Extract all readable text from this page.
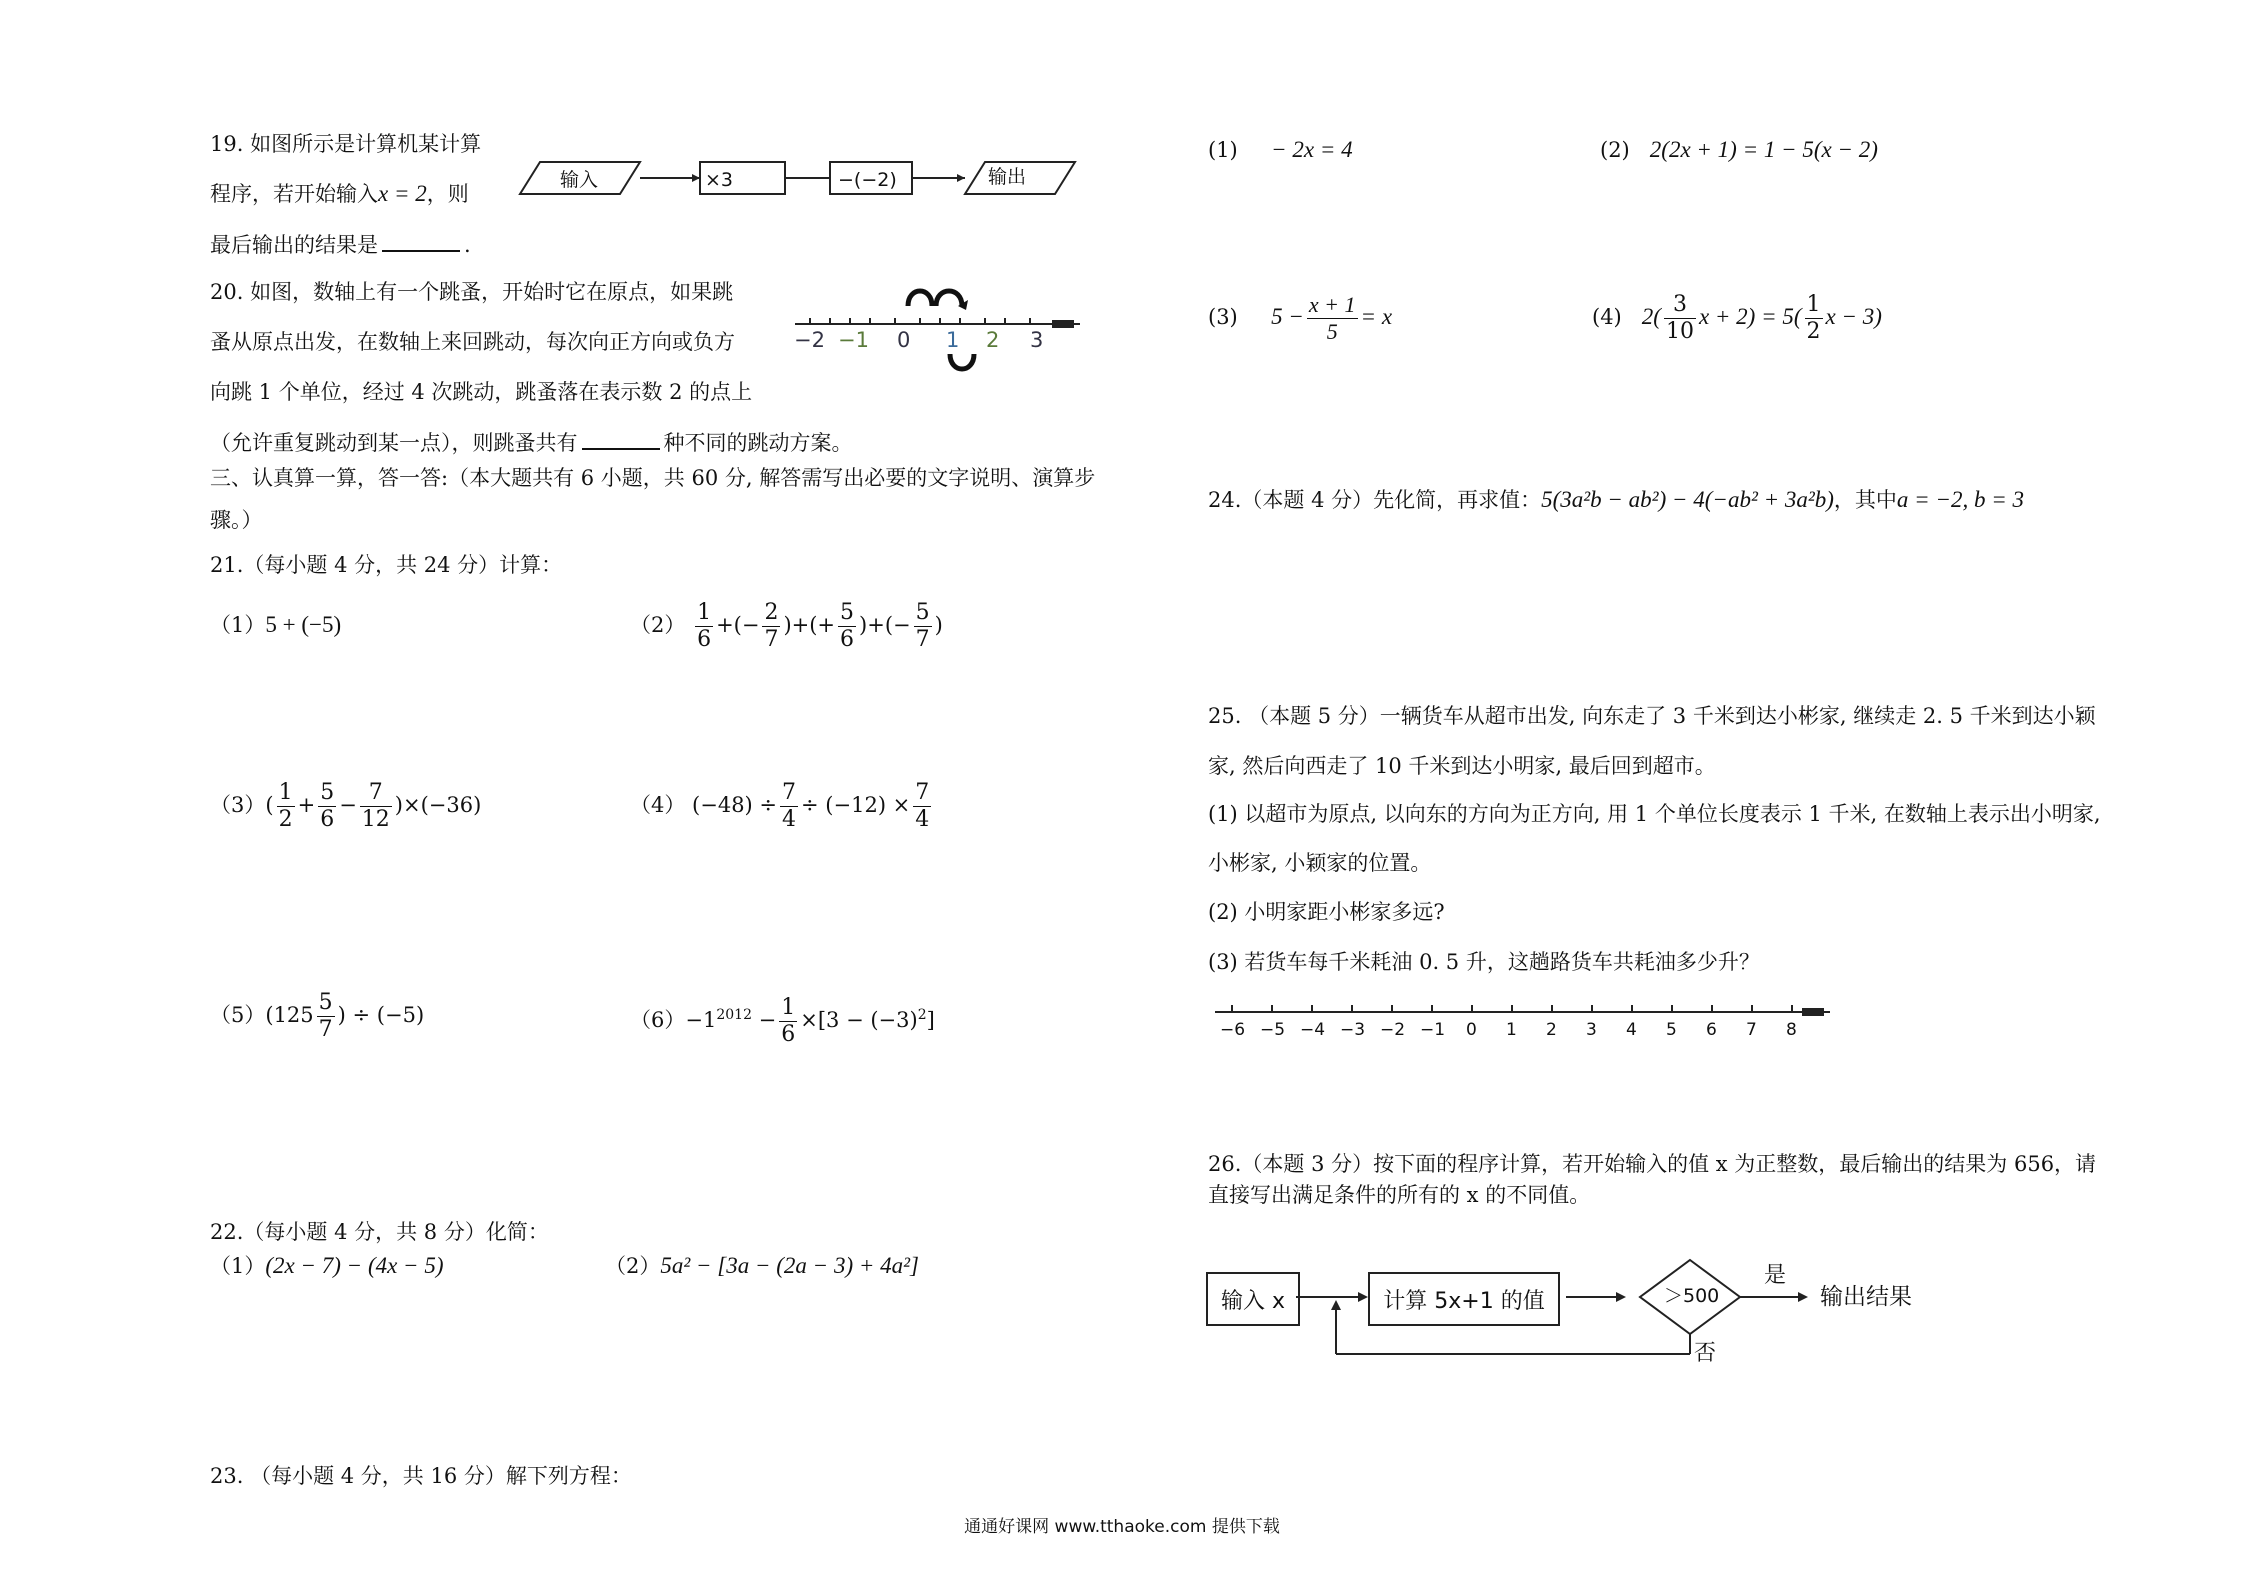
19. 如图所示是计算机某计算
程序，若开始输入x = 2，则
最后输出的结果是	.
输入	×3	−(−2)	输出
20. 如图，数轴上有一个跳蚤，开始时它在原点，如果跳
蚤从原点出发，在数轴上来回跳动，每次向正方向或负方
向跳 1 个单位，经过 4 次跳动，跳蚤落在表示数 2 的点上
（允许重复跳动到某一点），则跳蚤共有	种不同的跳动方案。
−2 −1 0 1 2 3
三、认真算一算，答一答:（本大题共有 6 小题，共 60 分, 解答需写出必要的文字说明、演算步
骤。）
21.（每小题 4 分，共 24 分）计算：
（1）5 + (−5)	$(2) \frac{1}{6}$ +(− $\frac{2}{7}$ )+(+ $\frac{5}{6}$ )+(− $\frac{5}{7}$ )
$(3)( \frac{1}{2} + \frac{5}{6} - \frac{7}{12} )\times(-36)$	（4） $(-48) \div \frac{7}{4} \div (-12) \times \frac{7}{4}$
$(5)(125 \frac{5}{7}$ ) ÷ (−5)	$(6)-1^{2012} - \frac{1}{6} \times[3 - (-3)^2]$
22.（每小题 4 分，共 8 分）化简：
（1）(2x − 7) − (4x − 5)	（2）5a² − [3a − (2a − 3) + 4a²]
23. （每小题 4 分，共 16 分）解下列方程：
(1) − 2x = 4	(2) 2(2x + 1) = 1 − 5(x − 2)
(3) $5 - \frac{x + 1}{5} = x$	(4) $2( \frac{3}{10}$ $x + 2) = 5( \frac{1}{2}$ x − 3)
24.（本题 4 分）先化简，再求值：5(3a²b − ab²) − 4(−ab² + 3a²b)，其中a = −2, b = 3
25. （本题 5 分）一辆货车从超市出发, 向东走了 3 千米到达小彬家, 继续走 2. 5 千米到达小颖
家, 然后向西走了 10 千米到达小明家, 最后回到超市。
(1) 以超市为原点, 以向东的方向为正方向, 用 1 个单位长度表示 1 千米, 在数轴上表示出小明家,
小彬家, 小颖家的位置。
(2) 小明家距小彬家多远?
(3) 若货车每千米耗油 0. 5 升，这趟路货车共耗油多少升？
−6 −5 −4 −3 −2 −1 0 1 2 3 4 5 6 7 8
26.（本题 3 分）按下面的程序计算，若开始输入的值 x 为正整数，最后输出的结果为 656，请
直接写出满足条件的所有的 x 的不同值。
输入 x	计算 5x+1 的值	＞500
是
否
输出结果
通通好课网 www.tthaoke.com 提供下载
